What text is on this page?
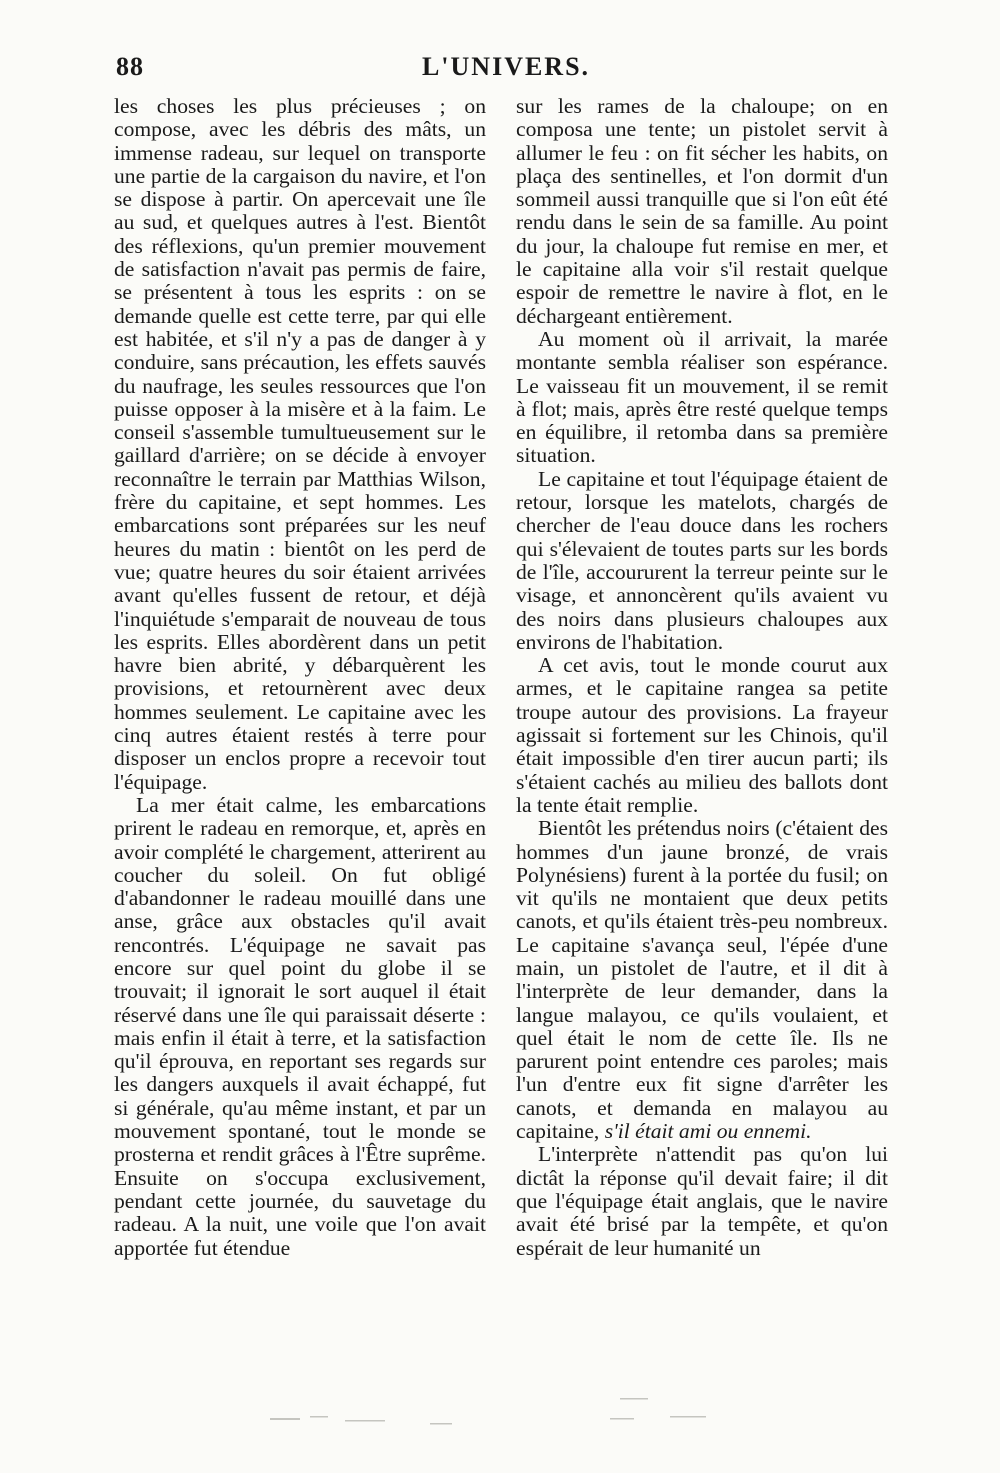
88	L'UNIVERS.

les choses les plus précieuses ; on compose, avec les débris des mâts, un immense radeau, sur lequel on transporte une partie de la cargaison du navire, et l'on se dispose à partir. On apercevait une île au sud, et quelques autres à l'est. Bientôt des réflexions, qu'un premier mouvement de satisfaction n'avait pas permis de faire, se présentent à tous les esprits : on se demande quelle est cette terre, par qui elle est habitée, et s'il n'y a pas de danger à y conduire, sans précaution, les effets sauvés du naufrage, les seules ressources que l'on puisse opposer à la misère et à la faim. Le conseil s'assemble tumultueusement sur le gaillard d'arrière; on se décide à envoyer reconnaître le terrain par Matthias Wilson, frère du capitaine, et sept hommes. Les embarcations sont préparées sur les neuf heures du matin : bientôt on les perd de vue; quatre heures du soir étaient arrivées avant qu'elles fussent de retour, et déjà l'inquiétude s'emparait de nouveau de tous les esprits. Elles abordèrent dans un petit havre bien abrité, y débarquèrent les provisions, et retournèrent avec deux hommes seulement. Le capitaine avec les cinq autres étaient restés à terre pour disposer un enclos propre a recevoir tout l'équipage.

La mer était calme, les embarcations prirent le radeau en remorque, et, après en avoir complété le chargement, atterirent au coucher du soleil. On fut obligé d'abandonner le radeau mouillé dans une anse, grâce aux obstacles qu'il avait rencontrés. L'équipage ne savait pas encore sur quel point du globe il se trouvait; il ignorait le sort auquel il était réservé dans une île qui paraissait déserte : mais enfin il était à terre, et la satisfaction qu'il éprouva, en reportant ses regards sur les dangers auxquels il avait échappé, fut si générale, qu'au même instant, et par un mouvement spontané, tout le monde se prosterna et rendit grâces à l'Être suprême. Ensuite on s'occupa exclusivement, pendant cette journée, du sauvetage du radeau. A la nuit, une voile que l'on avait apportée fut étendue

sur les rames de la chaloupe; on en composa une tente; un pistolet servit à allumer le feu : on fit sécher les habits, on plaça des sentinelles, et l'on dormit d'un sommeil aussi tranquille que si l'on eût été rendu dans le sein de sa famille. Au point du jour, la chaloupe fut remise en mer, et le capitaine alla voir s'il restait quelque espoir de remettre le navire à flot, en le déchargeant entièrement.

Au moment où il arrivait, la marée montante sembla réaliser son espérance. Le vaisseau fit un mouvement, il se remit à flot; mais, après être resté quelque temps en équilibre, il retomba dans sa première situation.

Le capitaine et tout l'équipage étaient de retour, lorsque les matelots, chargés de chercher de l'eau douce dans les rochers qui s'élevaient de toutes parts sur les bords de l'île, accoururent la terreur peinte sur le visage, et annoncèrent qu'ils avaient vu des noirs dans plusieurs chaloupes aux environs de l'habitation.

A cet avis, tout le monde courut aux armes, et le capitaine rangea sa petite troupe autour des provisions. La frayeur agissait si fortement sur les Chinois, qu'il était impossible d'en tirer aucun parti; ils s'étaient cachés au milieu des ballots dont la tente était remplie.

Bientôt les prétendus noirs (c'étaient des hommes d'un jaune bronzé, de vrais Polynésiens) furent à la portée du fusil; on vit qu'ils ne montaient que deux petits canots, et qu'ils étaient très-peu nombreux. Le capitaine s'avança seul, l'épée d'une main, un pistolet de l'autre, et il dit à l'interprète de leur demander, dans la langue malayou, ce qu'ils voulaient, et quel était le nom de cette île. Ils ne parurent point entendre ces paroles; mais l'un d'entre eux fit signe d'arrêter les canots, et demanda en malayou au capitaine, s'il était ami ou ennemi.

L'interprète n'attendit pas qu'on lui dictât la réponse qu'il devait faire; il dit que l'équipage était anglais, que le navire avait été brisé par la tempête, et qu'on espérait de leur humanité un
